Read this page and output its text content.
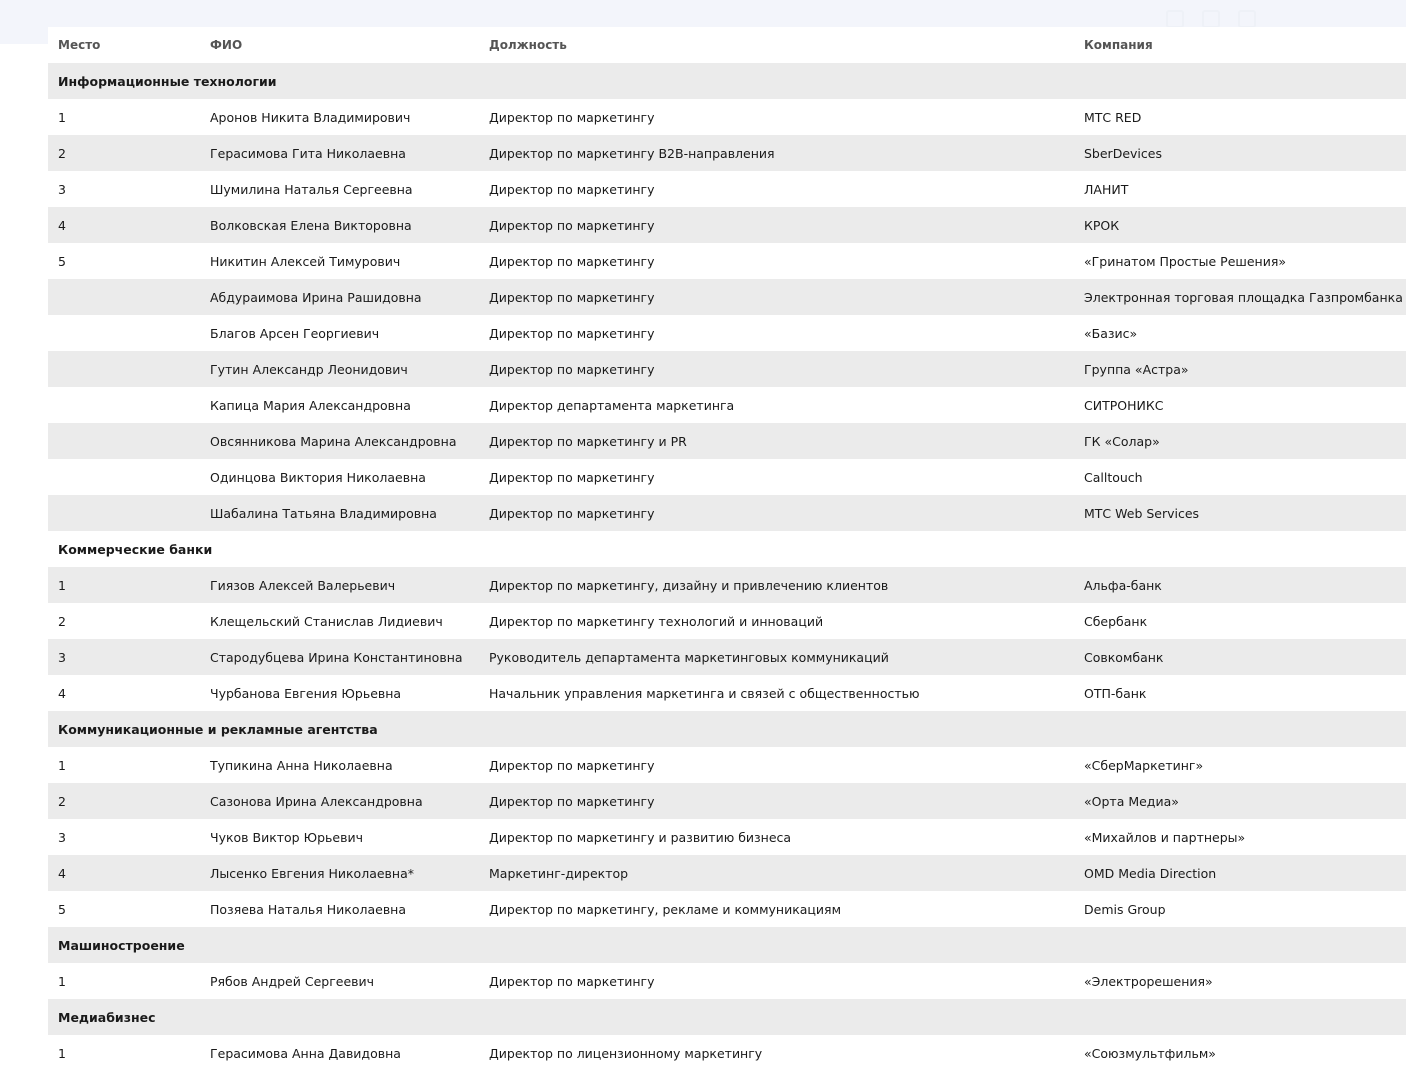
Место	ФИО	Должность	Компания
Информационные технологии			
1	Аронов Никита Владимирович	Директор по маркетингу	МТС RED
2	Герасимова Гита Николаевна	Директор по маркетингу B2B-направления	SberDevices
3	Шумилина Наталья Сергеевна	Директор по маркетингу	ЛАНИТ
4	Волковская Елена Викторовна	Директор по маркетингу	КРОК
5	Никитин Алексей Тимурович	Директор по маркетингу	«Гринатом Простые Решения»
	Абдураимова Ирина Рашидовна	Директор по маркетингу	Электронная торговая площадка Газпромбанка
	Благов Арсен Георгиевич	Директор по маркетингу	«Базис»
	Гутин Александр Леонидович	Директор по маркетингу	Группа «Астра»
	Капица Мария Александровна	Директор департамента маркетинга	СИТРОНИКС
	Овсянникова Марина Александровна	Директор по маркетингу и PR	ГК «Солар»
	Одинцова Виктория Николаевна	Директор по маркетингу	Calltouch
	Шабалина Татьяна Владимировна	Директор по маркетингу	МТС Web Services
Коммерческие банки			
1	Гиязов Алексей Валерьевич	Директор по маркетингу, дизайну и привлечению клиентов	Альфа-банк
2	Клещельский Станислав Лидиевич	Директор по маркетингу технологий и инноваций	Сбербанк
3	Стародубцева Ирина Константиновна	Руководитель департамента маркетинговых коммуникаций	Совкомбанк
4	Чурбанова Евгения Юрьевна	Начальник управления маркетинга и связей с общественностью	ОТП-банк
Коммуникационные и рекламные агентства			
1	Тупикина Анна Николаевна	Директор по маркетингу	«СберМаркетинг»
2	Сазонова Ирина Александровна	Директор по маркетингу	«Орта Медиа»
3	Чуков Виктор Юрьевич	Директор по маркетингу и развитию бизнеса	«Михайлов и партнеры»
4	Лысенко Евгения Николаевна*	Маркетинг-директор	OMD Media Direction
5	Позяева Наталья Николаевна	Директор по маркетингу, рекламе и коммуникациям	Demis Group
Машиностроение			
1	Рябов Андрей Сергеевич	Директор по маркетингу	«Электрорешения»
Медиабизнес			
1	Герасимова Анна Давидовна	Директор по лицензионному маркетингу	«Союзмультфильм»
